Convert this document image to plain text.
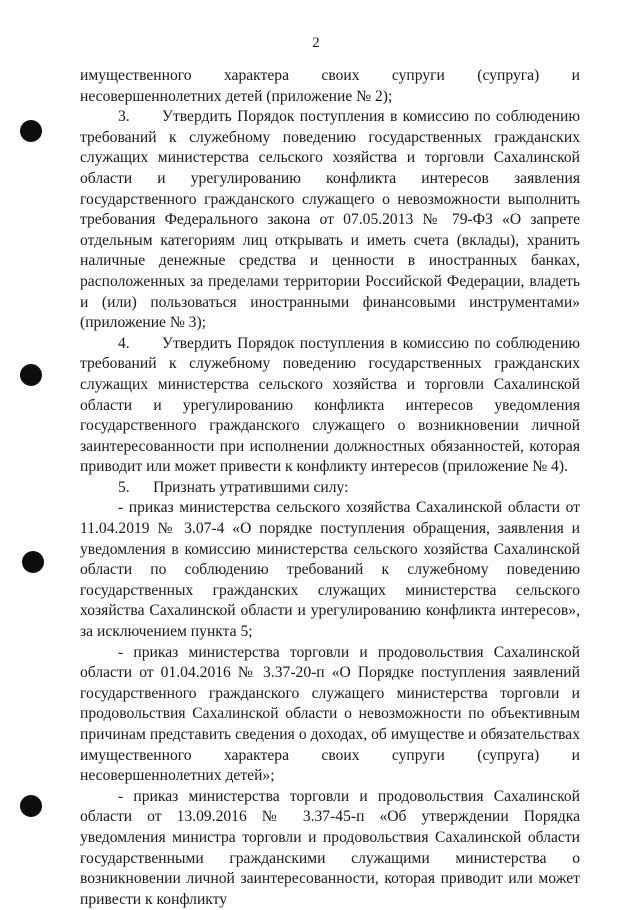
2

имущественного характера своих супруги (супруга) и несовершеннолетних детей (приложение № 2);

3.      Утвердить Порядок поступления в комиссию по соблюдению требований к служебному поведению государственных гражданских служащих министерства сельского хозяйства и торговли Сахалинской области и урегулированию конфликта интересов заявления государственного гражданского служащего о невозможности выполнить требования Федерального закона от 07.05.2013 № 79-ФЗ «О запрете отдельным категориям лиц открывать и иметь счета (вклады), хранить наличные денежные средства и ценности в иностранных банках, расположенных за пределами территории Российской Федерации, владеть и (или) пользоваться иностранными финансовыми инструментами» (приложение № 3);

4.      Утвердить Порядок поступления в комиссию по соблюдению требований к служебному поведению государственных гражданских служащих министерства сельского хозяйства и торговли Сахалинской области и урегулированию конфликта интересов уведомления государственного гражданского служащего о возникновении личной заинтересованности при исполнении должностных обязанностей, которая приводит или может привести к конфликту интересов (приложение № 4).

5.      Признать утратившими силу:

- приказ министерства сельского хозяйства Сахалинской области от 11.04.2019 № 3.07-4 «О порядке поступления обращения, заявления и уведомления в комиссию министерства сельского хозяйства Сахалинской области по соблюдению требований к служебному поведению государственных гражданских служащих министерства сельского хозяйства Сахалинской области и урегулированию конфликта интересов», за исключением пункта 5;

- приказ министерства торговли и продовольствия Сахалинской области от 01.04.2016 № 3.37-20-п «О Порядке поступления заявлений государственного гражданского служащего министерства торговли и продовольствия Сахалинской области о невозможности по объективным причинам представить сведения о доходах, об имуществе и обязательствах имущественного характера своих супруги (супруга) и несовершеннолетних детей»;

- приказ министерства торговли и продовольствия Сахалинской области от 13.09.2016 № 3.37-45-п «Об утверждении Порядка уведомления министра торговли и продовольствия Сахалинской области государственными гражданскими служащими министерства о возникновении личной заинтересованности, которая приводит или может привести к конфликту
